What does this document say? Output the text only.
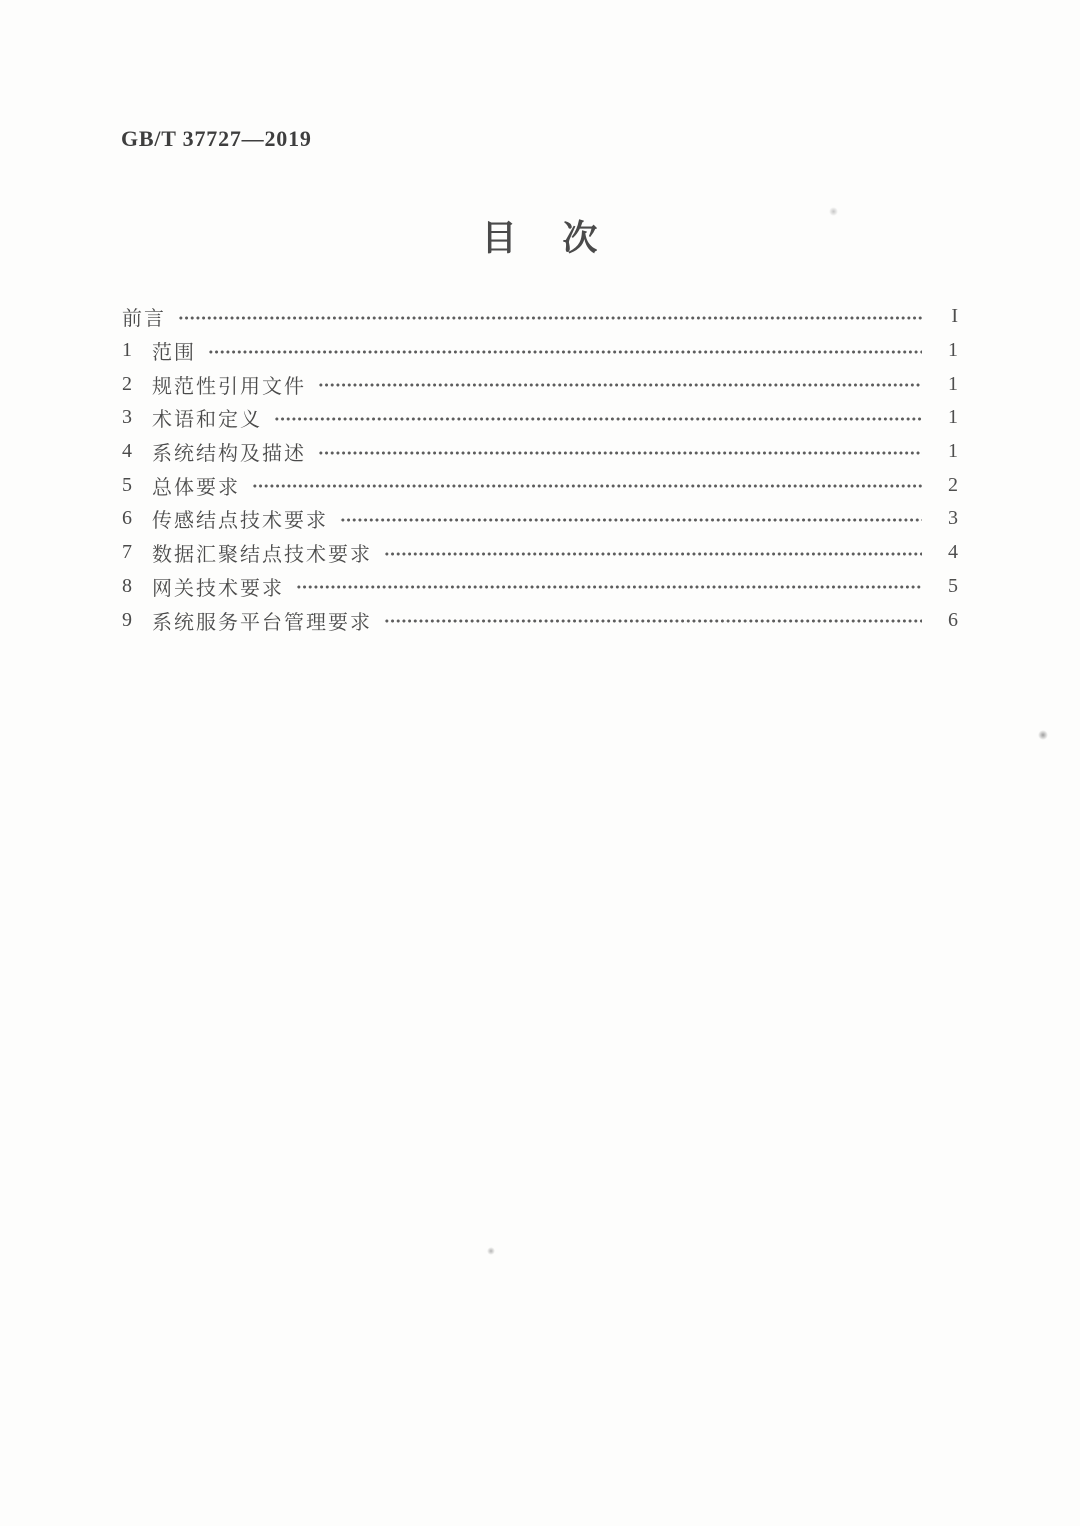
GB/T 37727—2019
目 次
前言	I
1 范围	1
2 规范性引用文件	1
3 术语和定义	1
4 系统结构及描述	1
5 总体要求	2
6 传感结点技术要求	3
7 数据汇聚结点技术要求	4
8 网关技术要求	5
9 系统服务平台管理要求	6
